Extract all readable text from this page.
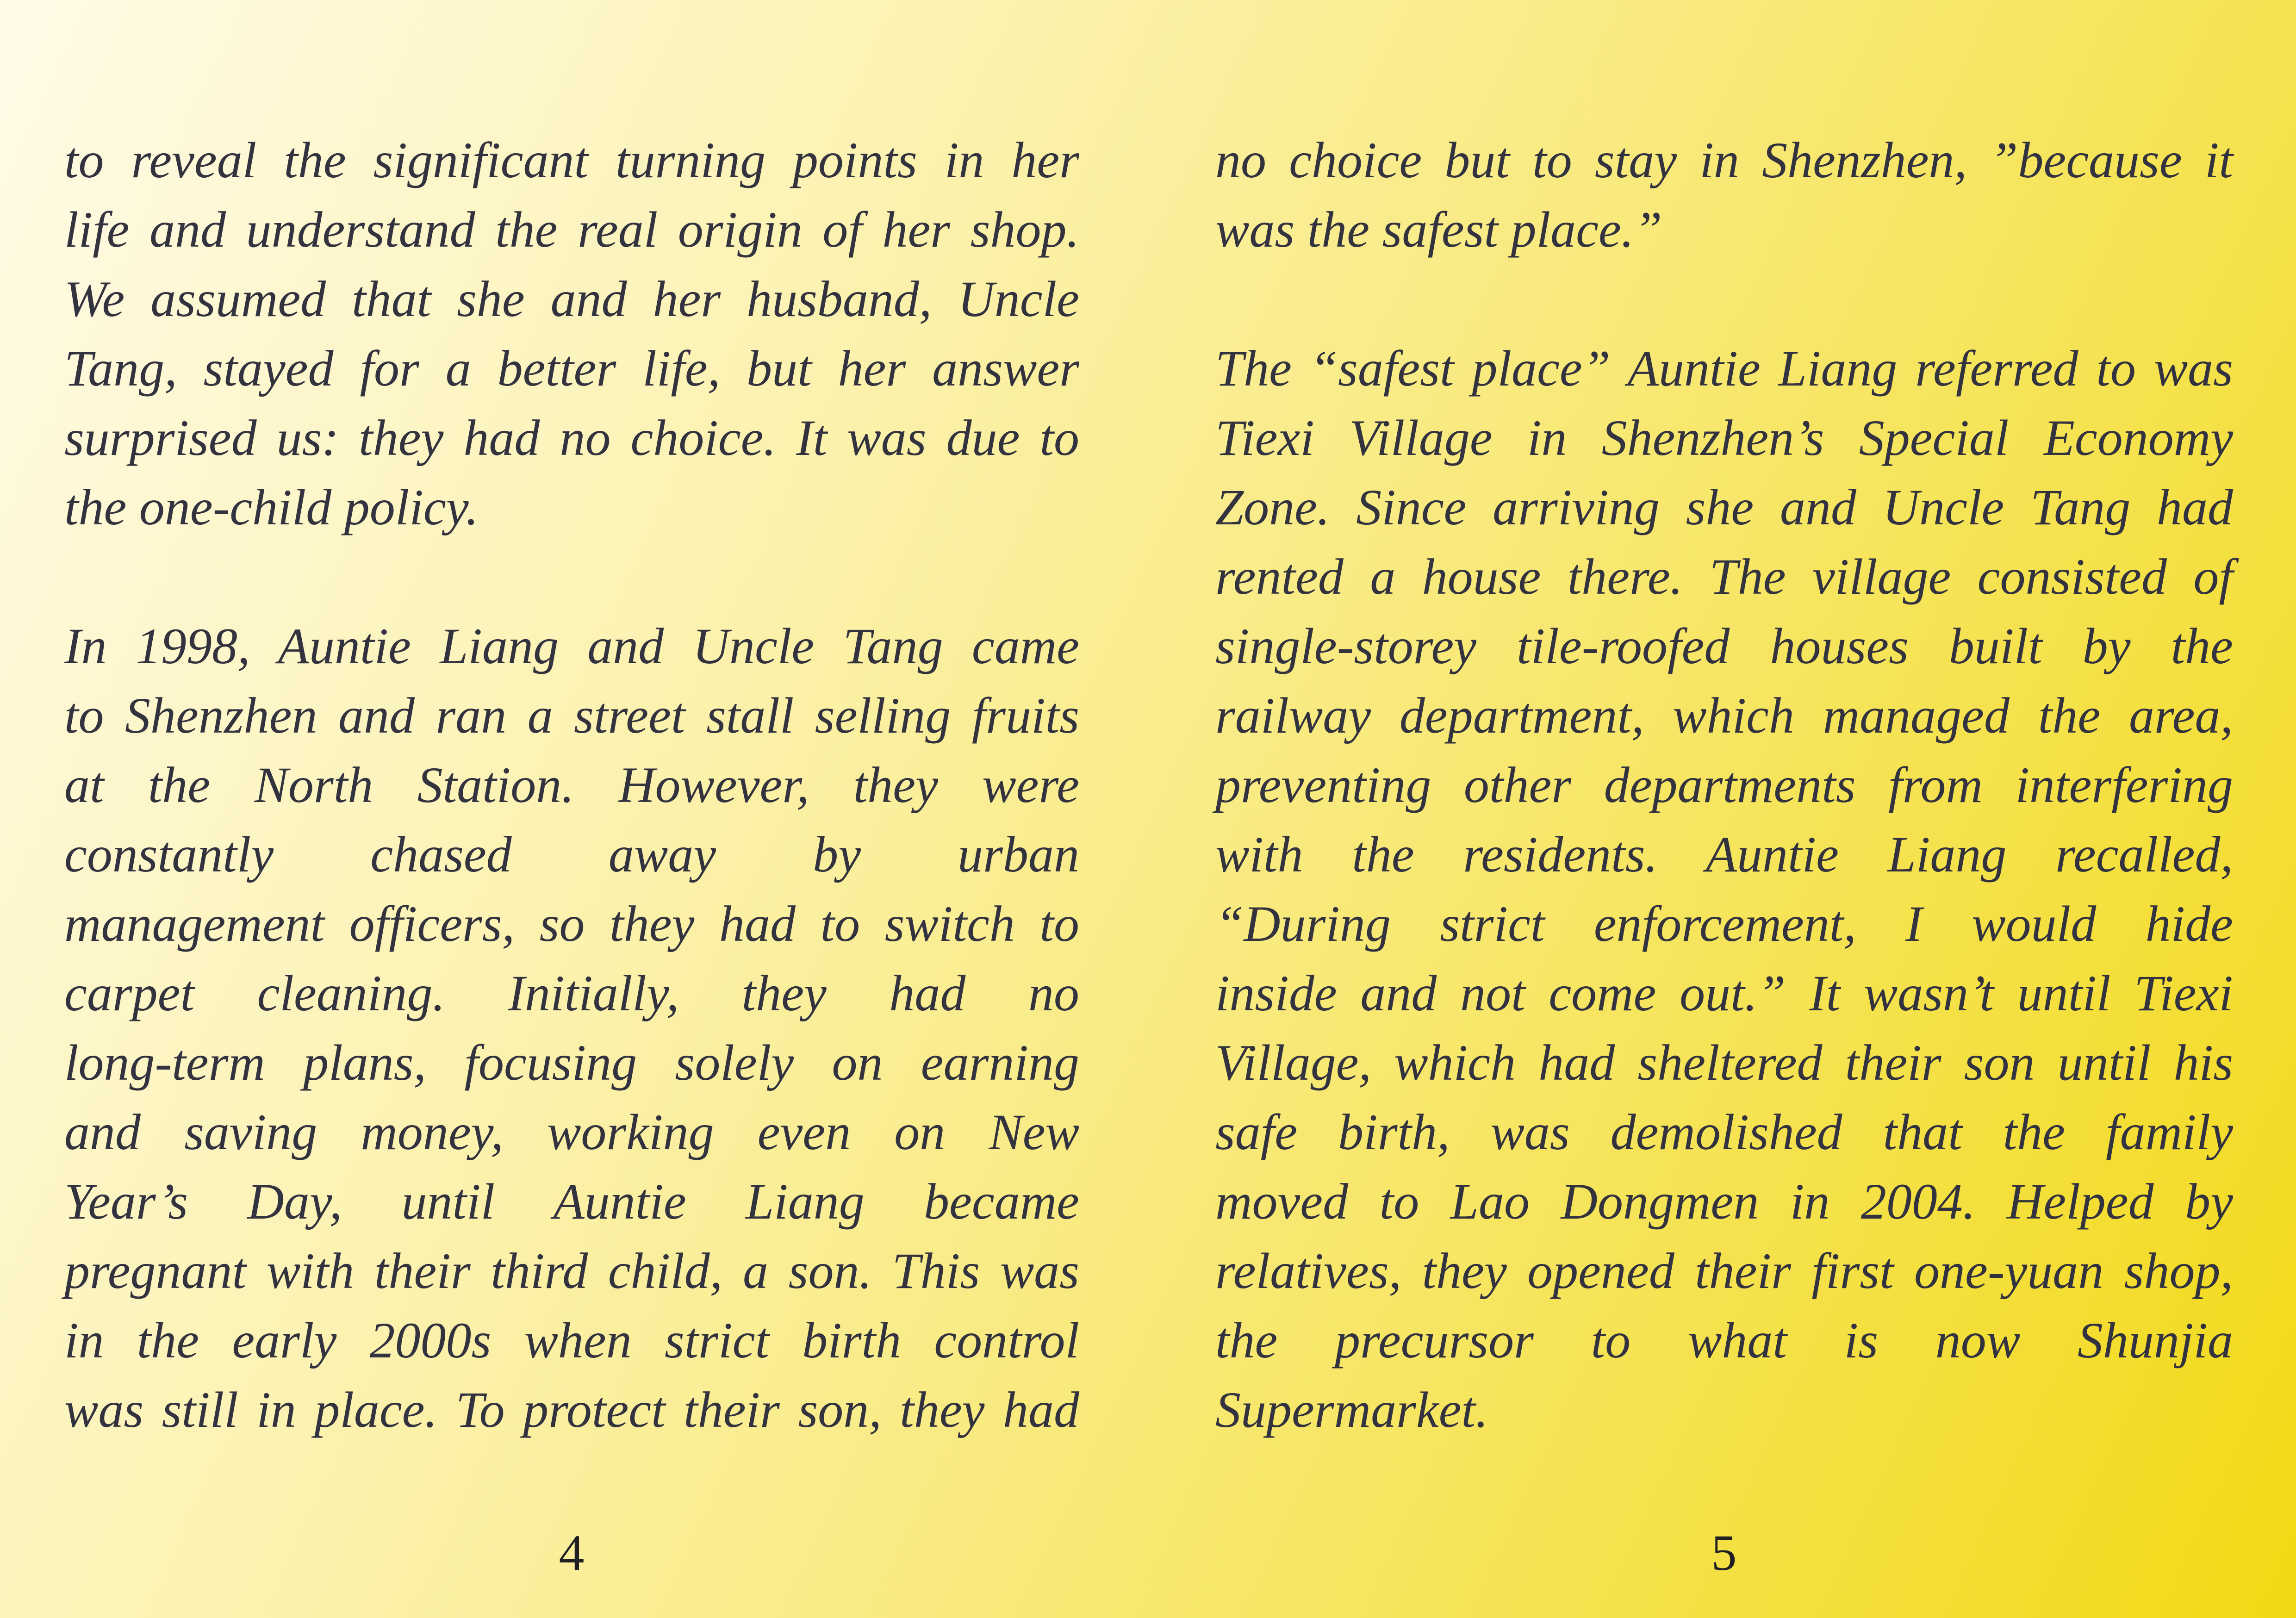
to reveal the significant turning points in her
life and understand the real origin of her shop.
We assumed that she and her husband, Uncle
Tang, stayed for a better life, but her answer
surprised us: they had no choice. It was due to
the one-child policy.
In 1998, Auntie Liang and Uncle Tang came
to Shenzhen and ran a street stall selling fruits
at the North Station. However, they were
constantly chased away by urban
management officers, so they had to switch to
carpet cleaning. Initially, they had no
long-term plans, focusing solely on earning
and saving money, working even on New
Year’s Day, until Auntie Liang became
pregnant with their third child, a son. This was
in the early 2000s when strict birth control
was still in place. To protect their son, they had
4
no choice but to stay in Shenzhen, ”because it
was the safest place.”
The “safest place” Auntie Liang referred to was
Tiexi Village in Shenzhen’s Special Economy
Zone. Since arriving she and Uncle Tang had
rented a house there. The village consisted of
single-storey tile-roofed houses built by the
railway department, which managed the area,
preventing other departments from interfering
with the residents. Auntie Liang recalled,
“During strict enforcement, I would hide
inside and not come out.” It wasn’t until Tiexi
Village, which had sheltered their son until his
safe birth, was demolished that the family
moved to Lao Dongmen in 2004. Helped by
relatives, they opened their first one-yuan shop,
the precursor to what is now Shunjia
Supermarket.
5
